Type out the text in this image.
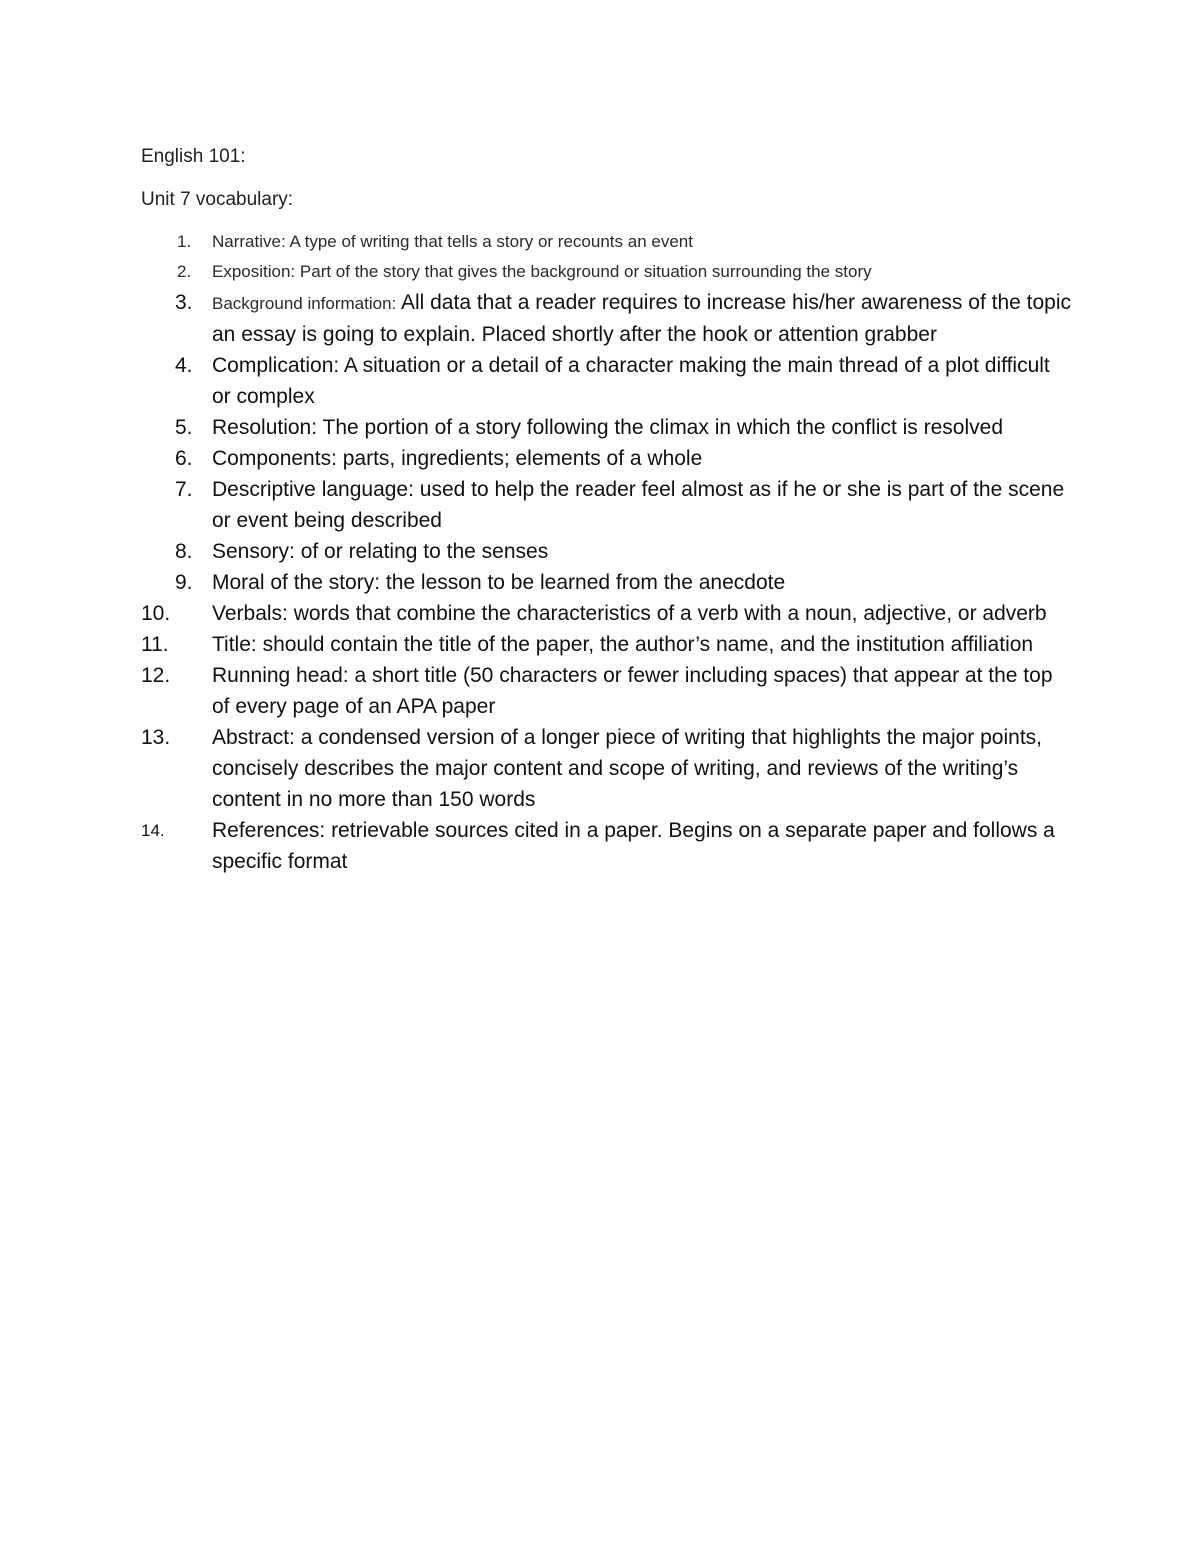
English 101:
Unit 7 vocabulary:
1. Narrative: A type of writing that tells a story or recounts an event
2. Exposition: Part of the story that gives the background or situation surrounding the story
3. Background information: All data that a reader requires to increase his/her awareness of the topic an essay is going to explain. Placed shortly after the hook or attention grabber
4. Complication: A situation or a detail of a character making the main thread of a plot difficult or complex
5. Resolution: The portion of a story following the climax in which the conflict is resolved
6. Components: parts, ingredients; elements of a whole
7. Descriptive language: used to help the reader feel almost as if he or she is part of the scene or event being described
8. Sensory: of or relating to the senses
9. Moral of the story: the lesson to be learned from the anecdote
10. Verbals: words that combine the characteristics of a verb with a noun, adjective, or adverb
11. Title: should contain the title of the paper, the author’s name, and the institution affiliation
12. Running head: a short title (50 characters or fewer including spaces) that appear at the top of every page of an APA paper
13. Abstract: a condensed version of a longer piece of writing that highlights the major points, concisely describes the major content and scope of writing, and reviews of the writing’s content in no more than 150 words
14. References: retrievable sources cited in a paper. Begins on a separate paper and follows a specific format
